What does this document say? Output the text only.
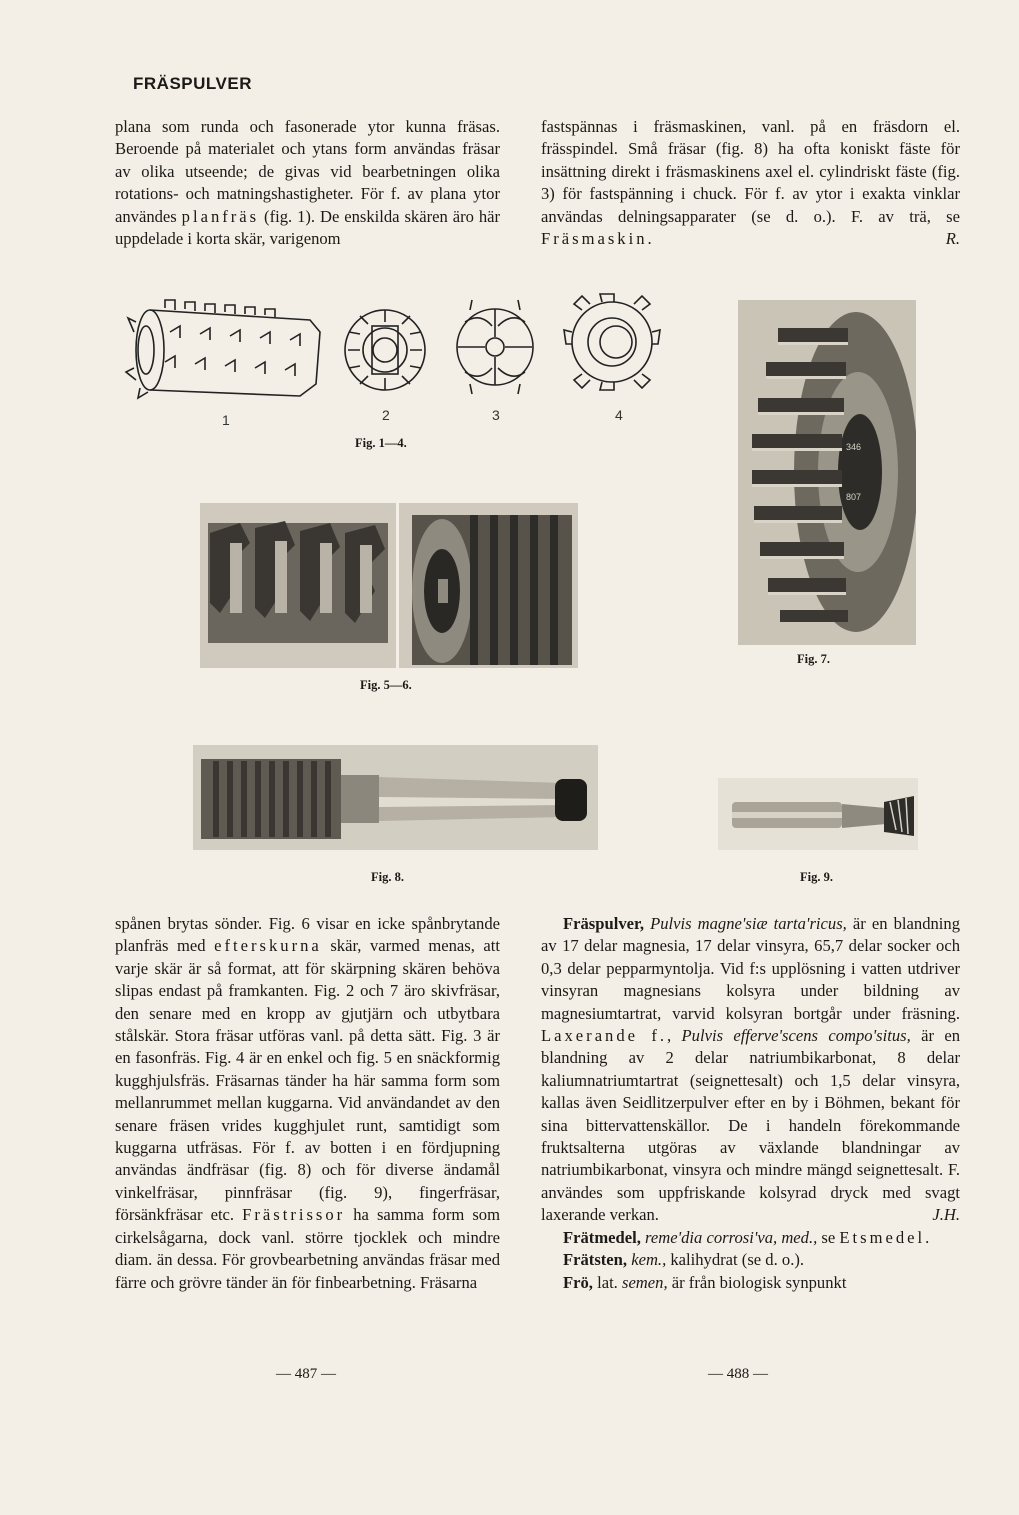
FRÄSPULVER

plana som runda och fasonerade ytor kunna fräsas. Beroende på materialet och ytans form användas fräsar av olika utseende; de givas vid bearbetningen olika rotations- och matningshastigheter. För f. av plana ytor användes planfräs (fig. 1). De enskilda skären äro här uppdelade i korta skär, varigenom

fastspännas i fräsmaskinen, vanl. på en fräsdorn el. frässpindel. Små fräsar (fig. 8) ha ofta koniskt fäste för insättning direkt i fräsmaskinens axel el. cylindriskt fäste (fig. 3) för fastspänning i chuck. För f. av ytor i exakta vinklar användas delningsapparater (se d. o.). F. av trä, se Fräsmaskin.	R.

1	2	3	4
Fig. 1—4.
Fig. 5—6.
346
807
Fig. 7.
Fig. 8.	Fig. 9.

spånen brytas sönder. Fig. 6 visar en icke spånbrytande planfräs med efterskurna skär, varmed menas, att varje skär är så format, att för skärpning skären behöva slipas endast på framkanten. Fig. 2 och 7 äro skivfräsar, den senare med en kropp av gjutjärn och utbytbara stålskär. Stora fräsar utföras vanl. på detta sätt. Fig. 3 är en fasonfräs. Fig. 4 är en enkel och fig. 5 en snäckformig kugghjulsfräs. Fräsarnas tänder ha här samma form som mellanrummet mellan kuggarna. Vid användandet av den senare fräsen vrides kugghjulet runt, samtidigt som kuggarna utfräsas. För f. av botten i en fördjupning användas ändfräsar (fig. 8) och för diverse ändamål vinkelfräsar, pinnfräsar (fig. 9), fingerfräsar, försänkfräsar etc. Frästrissor ha samma form som cirkelsågarna, dock vanl. större tjocklek och mindre diam. än dessa. För grovbearbetning användas fräsar med färre och grövre tänder än för finbearbetning. Fräsarna

Fräspulver, Pulvis magne'siæ tarta'ricus, är en blandning av 17 delar magnesia, 17 delar vinsyra, 65,7 delar socker och 0,3 delar pepparmyntolja. Vid f:s upplösning i vatten utdriver vinsyran magnesians kolsyra under bildning av magnesiumtartrat, varvid kolsyran bortgår under fräsning. Laxerande f., Pulvis efferve'scens compo'situs, är en blandning av 2 delar natriumbikarbonat, 8 delar kaliumnatriumtartrat (seignettesalt) och 1,5 delar vinsyra, kallas även Seidlitzerpulver efter en by i Böhmen, bekant för sina bittervattenskällor. De i handeln förekommande fruktsalterna utgöras av växlande blandningar av natriumbikarbonat, vinsyra och mindre mängd seignettesalt. F. användes som uppfriskande kolsyrad dryck med svagt laxerande verkan.	J.H.

Frätmedel, reme'dia corrosi'va, med., se Etsmedel.

Frätsten, kem., kalihydrat (se d. o.).

Frö, lat. semen, är från biologisk synpunkt

— 487 —	— 488 —
